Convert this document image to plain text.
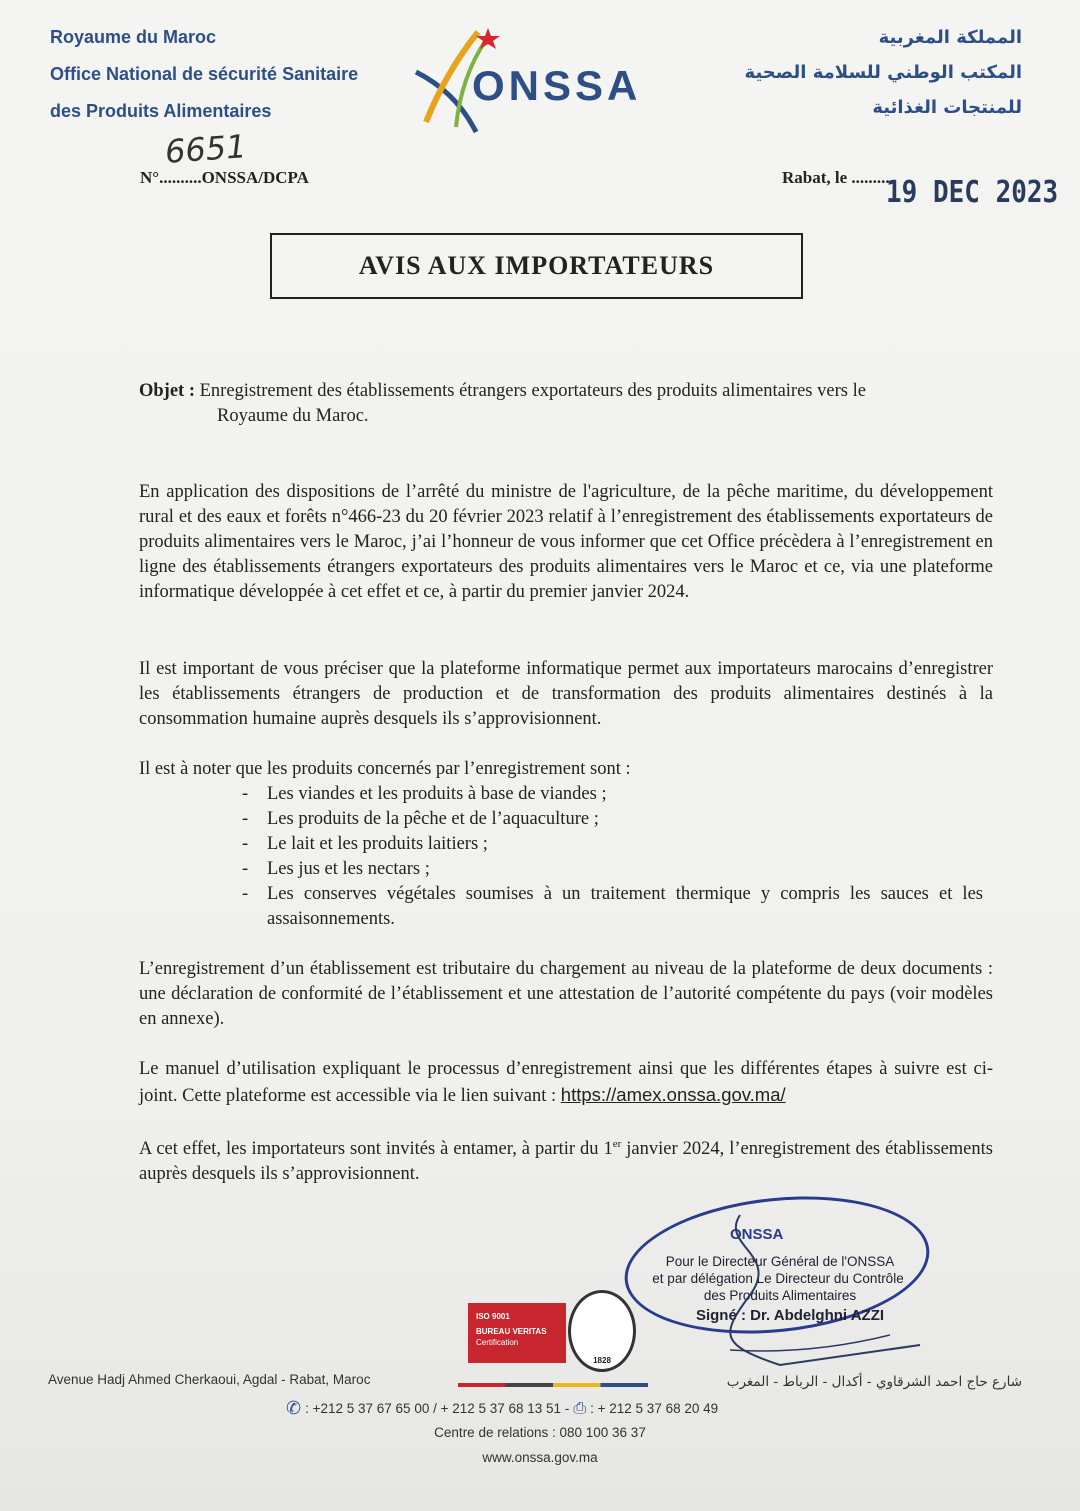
Royaume du Maroc
Office National de sécurité Sanitaire
des Produits Alimentaires
ONSSA
المملكة المغربية
المكتب الوطني للسلامة الصحية
للمنتجات الغذائية
6651
N°..........ONSSA/DCPA	Rabat, le ..........
19 DEC 2023
AVIS AUX IMPORTATEURS
Objet : Enregistrement des établissements étrangers exportateurs des produits alimentaires vers le
Royaume du Maroc.
En application des dispositions de l’arrêté du ministre de l'agriculture, de la pêche maritime, du développement rural et des eaux et forêts n°466-23 du 20 février 2023 relatif à l’enregistrement des établissements exportateurs de produits alimentaires vers le Maroc, j’ai l’honneur de vous informer que cet Office précèdera à l’enregistrement en ligne des établissements étrangers exportateurs des produits alimentaires vers le Maroc et ce, via une plateforme informatique développée à cet effet et ce, à partir du premier janvier 2024.
Il est important de vous préciser que la plateforme informatique permet aux importateurs marocains d’enregistrer les établissements étrangers de production et de transformation des produits alimentaires destinés à la consommation humaine auprès desquels ils s’approvisionnent.
Il est à noter que les produits concernés par l’enregistrement sont :
- Les viandes et les produits à base de viandes ;
- Les produits de la pêche et de l’aquaculture ;
- Le lait et les produits laitiers ;
- Les jus et les nectars ;
- Les conserves végétales soumises à un traitement thermique y compris les sauces et les assaisonnements.
L’enregistrement d’un établissement est tributaire du chargement au niveau de la plateforme de deux documents : une déclaration de conformité de l’établissement et une attestation de l’autorité compétente du pays (voir modèles en annexe).
Le manuel d’utilisation expliquant le processus d’enregistrement ainsi que les différentes étapes à suivre est ci-joint. Cette plateforme est accessible via le lien suivant : https://amex.onssa.gov.ma/
A cet effet, les importateurs sont invités à entamer, à partir du 1er janvier 2024, l’enregistrement des établissements auprès desquels ils s’approvisionnent.
ONSSA
Pour le Directeur Général de l'ONSSA
et par délégation Le Directeur du Contrôle
des Produits Alimentaires
Signé : Dr. Abdelghni AZZI
ISO 9001
BUREAU VERITAS
Certification
1828
Avenue Hadj Ahmed Cherkaoui, Agdal - Rabat, Maroc	شارع حاج احمد الشرقاوي - أكدال - الرباط - المغرب
✆ : +212 5 37 67 65 00 / + 212 5 37 68 13 51 - ⎙ : + 212 5 37 68 20 49
Centre de relations : 080 100 36 37
www.onssa.gov.ma
